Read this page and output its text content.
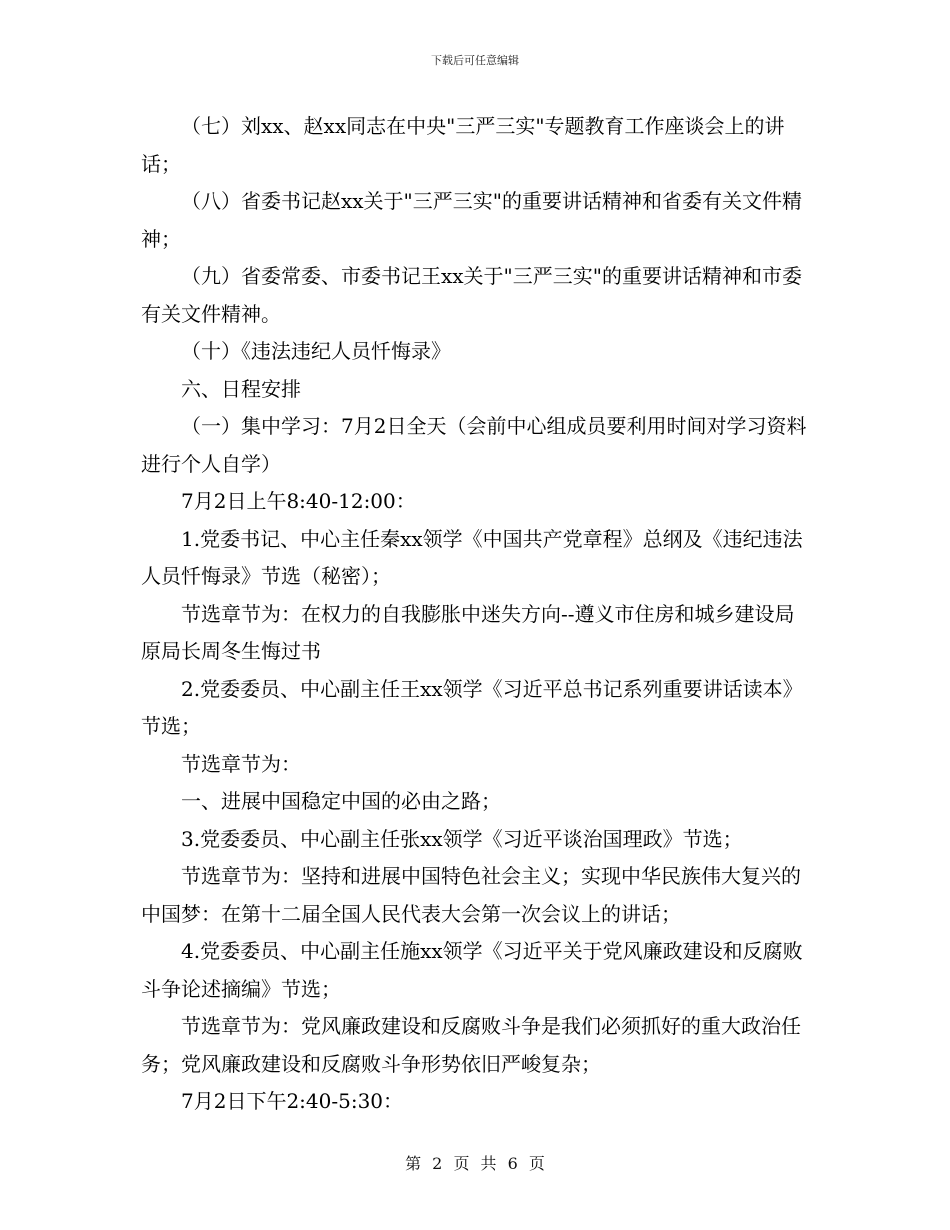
下载后可任意编辑

（七）刘xx、赵xx同志在中央"三严三实"专题教育工作座谈会上的讲话；

（八）省委书记赵xx关于"三严三实"的重要讲话精神和省委有关文件精神；

（九）省委常委、市委书记王xx关于"三严三实"的重要讲话精神和市委有关文件精神。

（十）《违法违纪人员忏悔录》

六、日程安排

（一）集中学习：7月2日全天（会前中心组成员要利用时间对学习资料进行个人自学）

7月2日上午8:40-12:00：

1.党委书记、中心主任秦xx领学《中国共产党章程》总纲及《违纪违法人员忏悔录》节选（秘密）；

节选章节为：在权力的自我膨胀中迷失方向--遵义市住房和城乡建设局原局长周冬生悔过书

2.党委委员、中心副主任王xx领学《习近平总书记系列重要讲话读本》节选；

节选章节为：

一、进展中国稳定中国的必由之路；

3.党委委员、中心副主任张xx领学《习近平谈治国理政》节选；

节选章节为：坚持和进展中国特色社会主义；实现中华民族伟大复兴的中国梦：在第十二届全国人民代表大会第一次会议上的讲话；

4.党委委员、中心副主任施xx领学《习近平关于党风廉政建设和反腐败斗争论述摘编》节选；

节选章节为：党风廉政建设和反腐败斗争是我们必须抓好的重大政治任务；党风廉政建设和反腐败斗争形势依旧严峻复杂；

7月2日下午2:40-5:30：

第 2 页 共 6 页
